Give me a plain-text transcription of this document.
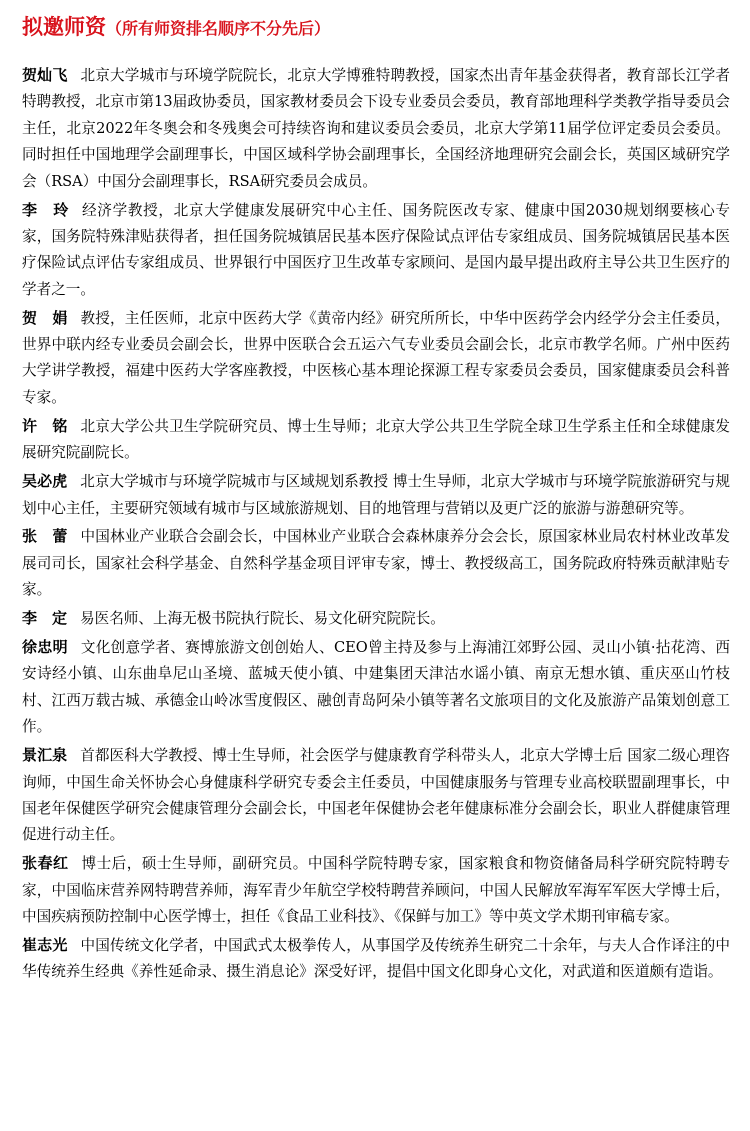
拟邀师资（所有师资排名顺序不分先后）

贺灿飞 北京大学城市与环境学院院长，北京大学博雅特聘教授，国家杰出青年基金获得者，教育部长江学者特聘教授，北京市第13届政协委员，国家教材委员会下设专业委员会委员，教育部地理科学类教学指导委员会主任，北京2022年冬奥会和冬残奥会可持续咨询和建议委员会委员，北京大学第11届学位评定委员会委员。同时担任中国地理学会副理事长，中国区域科学协会副理事长，全国经济地理研究会副会长，英国区域研究学会（RSA）中国分会副理事长，RSA研究委员会成员。

李　玲 经济学教授，北京大学健康发展研究中心主任、国务院医改专家、健康中国2030规划纲要核心专家，国务院特殊津贴获得者，担任国务院城镇居民基本医疗保险试点评估专家组成员、国务院城镇居民基本医疗保险试点评估专家组成员、世界银行中国医疗卫生改革专家顾问、是国内最早提出政府主导公共卫生医疗的学者之一。

贺　娟 教授，主任医师，北京中医药大学《黄帝内经》研究所所长，中华中医药学会内经学分会主任委员，世界中联内经专业委员会副会长，世界中医联合会五运六气专业委员会副会长，北京市教学名师。广州中医药大学讲学教授，福建中医药大学客座教授，中医核心基本理论探源工程专家委员会委员，国家健康委员会科普专家。

许　铭 北京大学公共卫生学院研究员、博士生导师；北京大学公共卫生学院全球卫生学系主任和全球健康发展研究院副院长。

吴必虎 北京大学城市与环境学院城市与区域规划系教授 博士生导师，北京大学城市与环境学院旅游研究与规划中心主任，主要研究领域有城市与区域旅游规划、目的地管理与营销以及更广泛的旅游与游憩研究等。

张　蕾 中国林业产业联合会副会长，中国林业产业联合会森林康养分会会长，原国家林业局农村林业改革发展司司长，国家社会科学基金、自然科学基金项目评审专家，博士、教授级高工，国务院政府特殊贡献津贴专家。

李　定 易医名师、上海无极书院执行院长、易文化研究院院长。

徐忠明 文化创意学者、赛博旅游文创创始人、CEO曾主持及参与上海浦江郊野公园、灵山小镇·拈花湾、西安诗经小镇、山东曲阜尼山圣境、蓝城天使小镇、中建集团天津沽水谣小镇、南京无想水镇、重庆巫山竹枝村、江西万载古城、承德金山岭冰雪度假区、融创青岛阿朵小镇等著名文旅项目的文化及旅游产品策划创意工作。

景汇泉 首都医科大学教授、博士生导师，社会医学与健康教育学科带头人，北京大学博士后 国家二级心理咨询师，中国生命关怀协会心身健康科学研究专委会主任委员，中国健康服务与管理专业高校联盟副理事长，中国老年保健医学研究会健康管理分会副会长，中国老年保健协会老年健康标准分会副会长，职业人群健康管理促进行动主任。

张春红 博士后，硕士生导师，副研究员。中国科学院特聘专家，国家粮食和物资储备局科学研究院特聘专家，中国临床营养网特聘营养师，海军青少年航空学校特聘营养顾问，中国人民解放军海军军医大学博士后，中国疾病预防控制中心医学博士，担任《食品工业科技》、《保鲜与加工》等中英文学术期刊审稿专家。

崔志光 中国传统文化学者，中国武式太极拳传人，从事国学及传统养生研究二十余年，与夫人合作译注的中华传统养生经典《养性延命录、摄生消息论》深受好评，提倡中国文化即身心文化，对武道和医道颇有造诣。
